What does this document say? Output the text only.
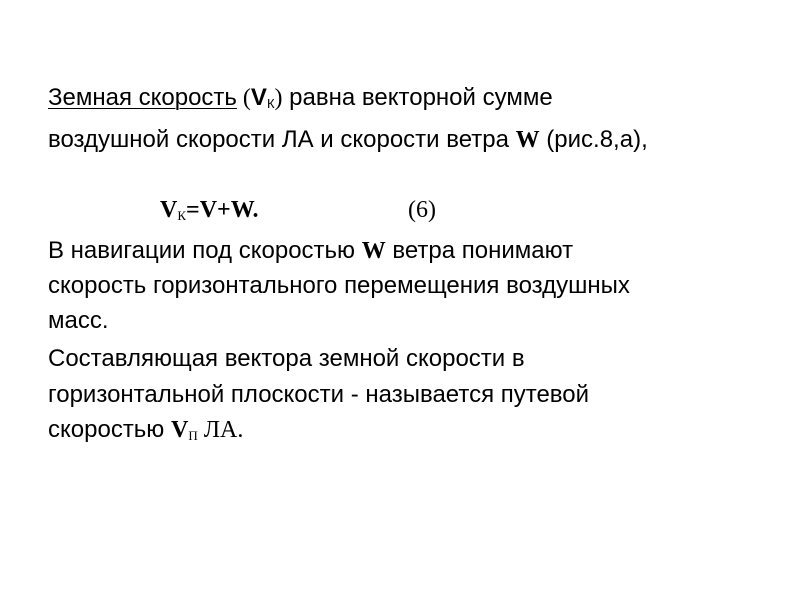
Земная скорость $(V_К)$ равна векторной сумме
воздушной скорости ЛА и скорости ветра W (рис.8,а),
$V_К=V+W$.	(6)
В навигации под скоростью W ветра понимают
скорость горизонтального перемещения воздушных
масс.
Составляющая вектора земной скорости в
горизонтальной плоскости - называется путевой
скоростью $V_П$ ЛА.
